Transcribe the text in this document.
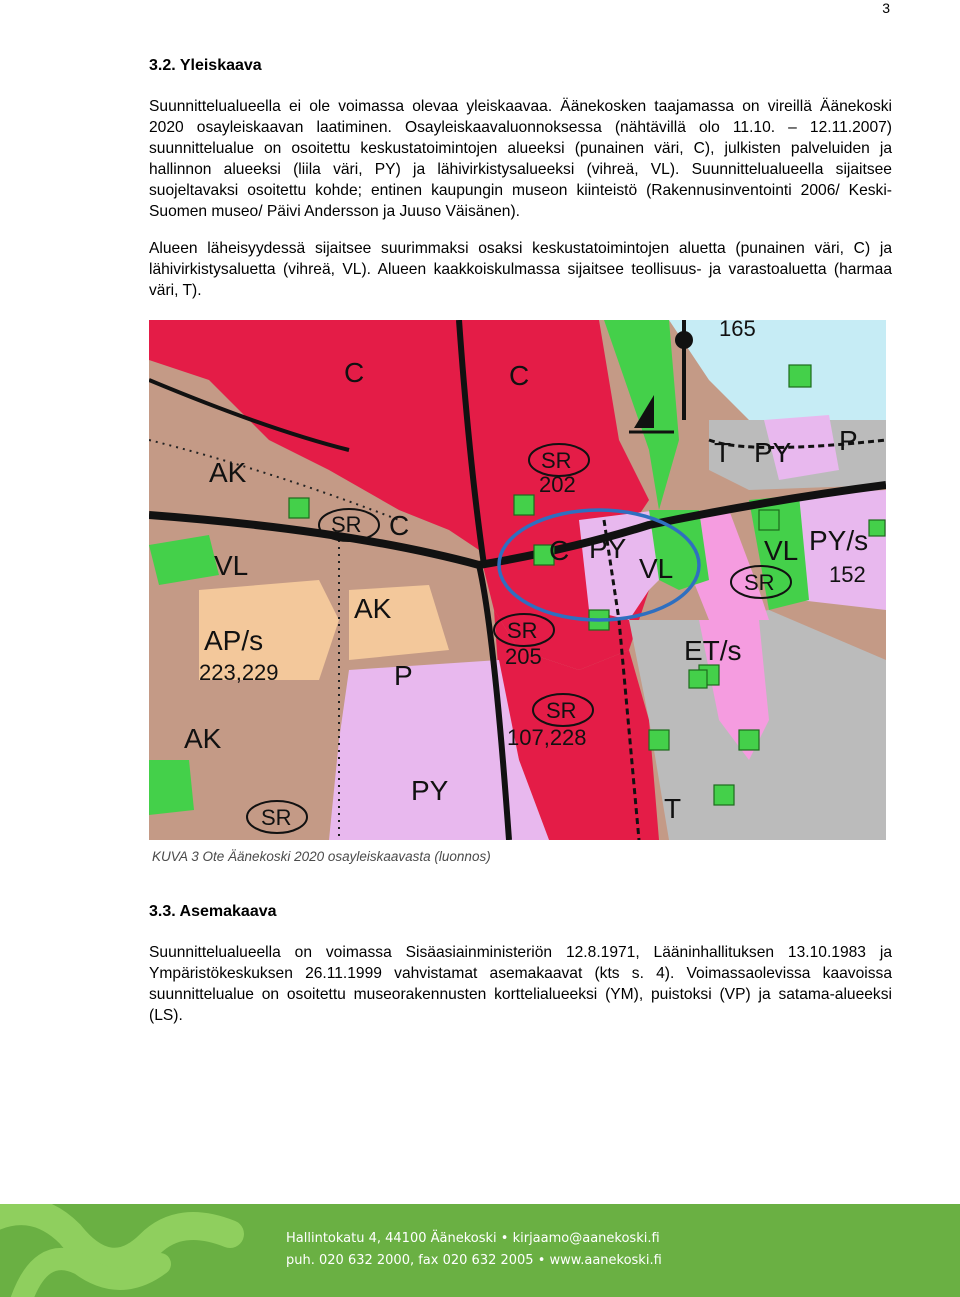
3
3.2. Yleiskaava

Suunnittelualueella ei ole voimassa olevaa yleiskaavaa. Äänekosken taajamassa on vireillä Äänekoski 2020 osayleiskaavan laatiminen. Osayleiskaavaluonnoksessa (nähtävillä olo 11.10. – 12.11.2007) suunnittelualue on osoitettu keskustatoimintojen alueeksi (punainen väri, C), julkisten palveluiden ja hallinnon alueeksi (liila väri, PY) ja lähivirkistysalueeksi (vihreä, VL). Suunnittelualueella sijaitsee suojeltavaksi osoitettu kohde; entinen kaupungin museon kiinteistö (Rakennusinventointi 2006/ Keski-Suomen museo/ Päivi Andersson ja Juuso Väisänen).

Alueen läheisyydessä sijaitsee suurimmaksi osaksi keskustatoimintojen aluetta (punainen väri, C) ja lähivirkistysaluetta (vihreä, VL). Alueen kaakkoiskulmassa sijaitsee teollisuus- ja varastoaluetta (harmaa väri, T).

C	C
C
C
AK
AK
AK
VL	VL
VL
PY
PY
PY
PY/s
P
P
T
T
AP/s	ET/s
SR
SR
SR
SR
SR
SR
165
202
205
152
223,229
107,228
KUVA 3 Ote Äänekoski 2020 osayleiskaavasta (luonnos)
3.3. Asemakaava

Suunnittelualueella on voimassa Sisäasiainministeriön 12.8.1971, Lääninhallituksen 13.10.1983 ja Ympäristökeskuksen 26.11.1999 vahvistamat asemakaavat (kts s. 4). Voimassaolevissa kaavoissa suunnittelualue on osoitettu museorakennusten korttelialueeksi (YM), puistoksi (VP) ja satama-alueeksi (LS).

Hallintokatu 4, 44100 Äänekoski • kirjaamo@aanekoski.fi
puh. 020 632 2000, fax 020 632 2005 • www.aanekoski.fi
